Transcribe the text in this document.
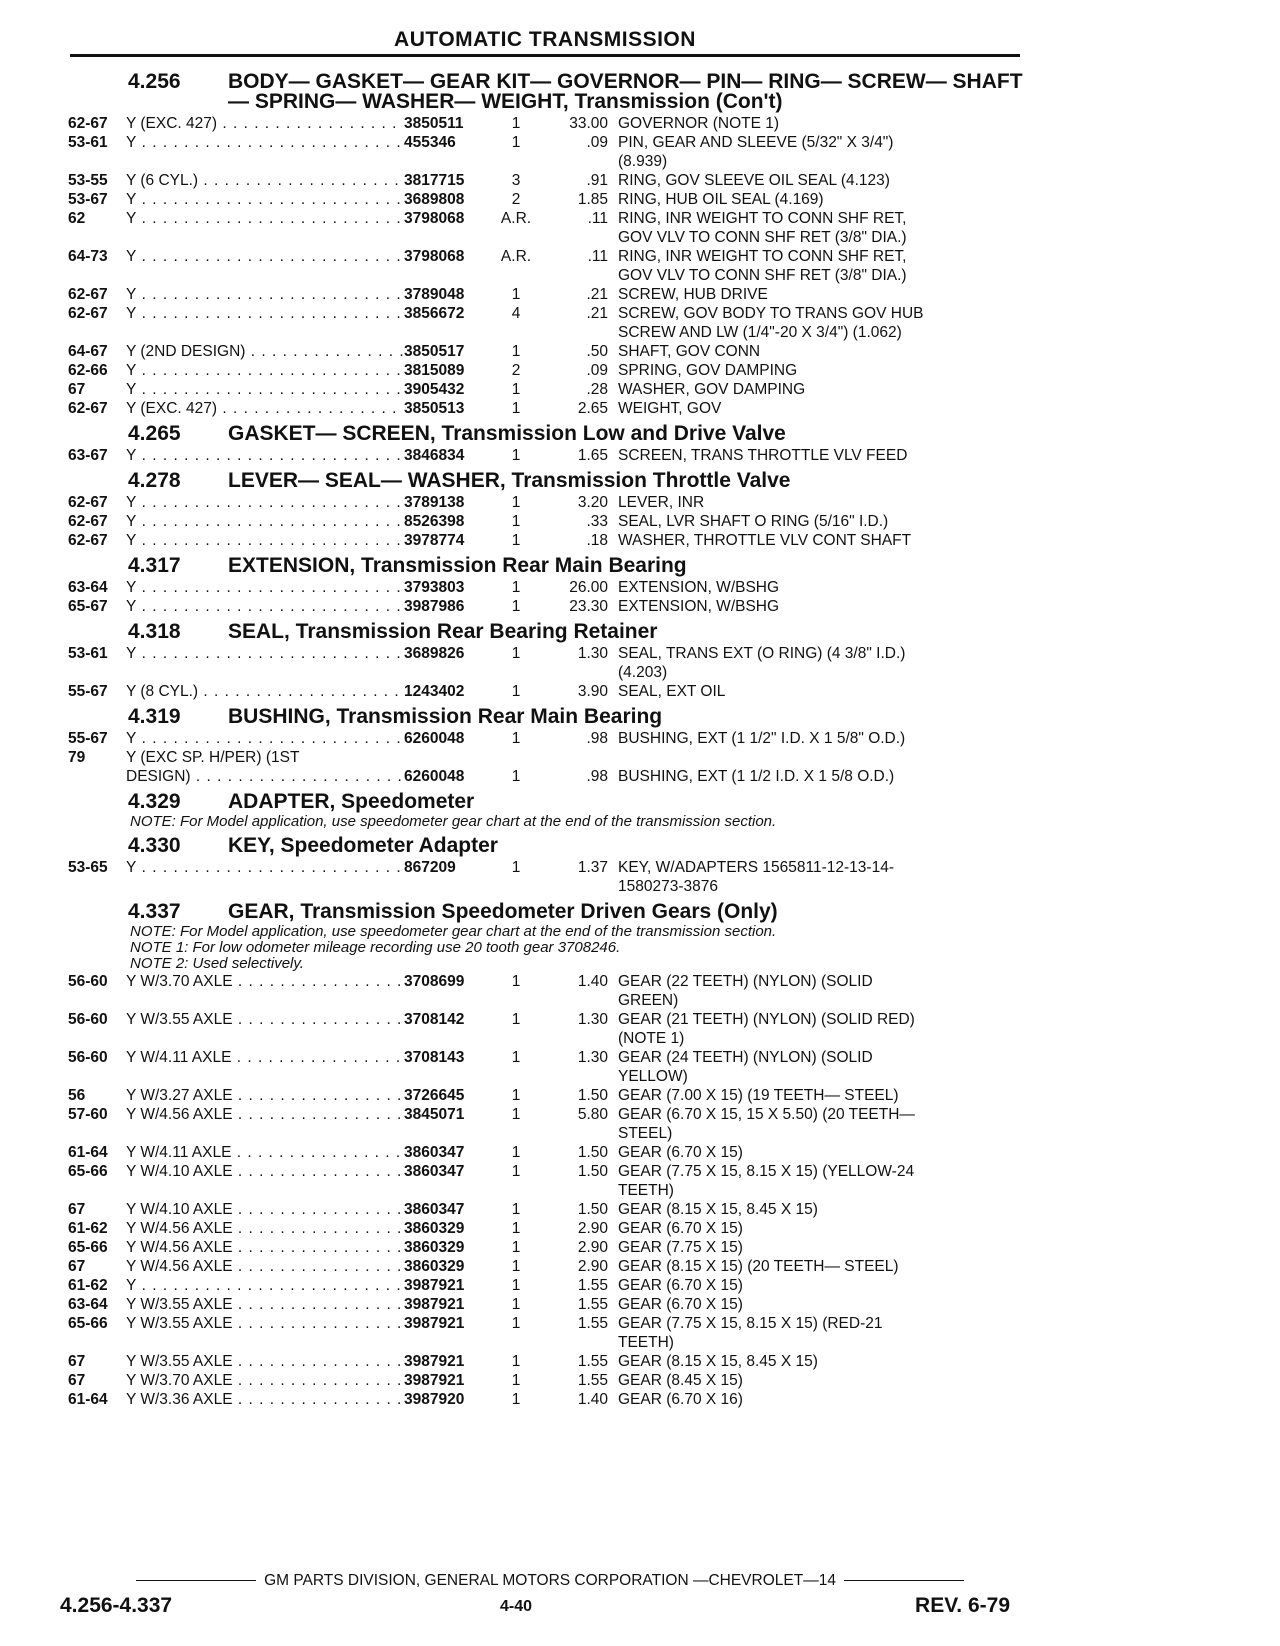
AUTOMATIC TRANSMISSION
4.256	BODY— GASKET— GEAR KIT— GOVERNOR— PIN— RING— SCREW— SHAFT— SPRING— WASHER— WEIGHT, Transmission (Con't)
62-67	Y (EXC. 427) . . .	3850511	1	33.00 GOVERNOR (NOTE 1)
53-61	Y . . .	455346	1	.09 PIN, GEAR AND SLEEVE (5/32" X 3/4")
(8.939)
53-55	Y (6 CYL.) . . .	3817715	3	.91 RING, GOV SLEEVE OIL SEAL (4.123)
53-67	Y . . .	3689808	2	1.85 RING, HUB OIL SEAL (4.169)
62	Y . . .	3798068	A.R.	.11 RING, INR WEIGHT TO CONN SHF RET,
GOV VLV TO CONN SHF RET (3/8" DIA.)
64-73	Y . . .	3798068	A.R.	.11 RING, INR WEIGHT TO CONN SHF RET,
GOV VLV TO CONN SHF RET (3/8" DIA.)
62-67	Y . . .	3789048	1	.21 SCREW, HUB DRIVE
62-67	Y . . .	3856672	4	.21 SCREW, GOV BODY TO TRANS GOV HUB
SCREW AND LW (1/4"-20 X 3/4") (1.062)
64-67	Y (2ND DESIGN) . . .	3850517	1	.50 SHAFT, GOV CONN
62-66	Y . . .	3815089	2	.09 SPRING, GOV DAMPING
67	Y . . .	3905432	1	.28 WASHER, GOV DAMPING
62-67	Y (EXC. 427) . . .	3850513	1	2.65 WEIGHT, GOV
4.265	GASKET— SCREEN, Transmission Low and Drive Valve
63-67	Y . . .	3846834	1	1.65 SCREEN, TRANS THROTTLE VLV FEED
4.278	LEVER— SEAL— WASHER, Transmission Throttle Valve
62-67	Y . . .	3789138	1	3.20 LEVER, INR
62-67	Y . . .	8526398	1	.33 SEAL, LVR SHAFT O RING (5/16" I.D.)
62-67	Y . . .	3978774	1	.18 WASHER, THROTTLE VLV CONT SHAFT
4.317	EXTENSION, Transmission Rear Main Bearing
63-64	Y . . .	3793803	1	26.00 EXTENSION, W/BSHG
65-67	Y . . .	3987986	1	23.30 EXTENSION, W/BSHG
4.318	SEAL, Transmission Rear Bearing Retainer
53-61	Y . . .	3689826	1	1.30 SEAL, TRANS EXT (O RING) (4 3/8" I.D.)
(4.203)
55-67	Y (8 CYL.) . . .	1243402	1	3.90 SEAL, EXT OIL
4.319	BUSHING, Transmission Rear Main Bearing
55-67	Y . . .	6260048	1	.98 BUSHING, EXT (1 1/2" I.D. X 1 5/8" O.D.)
79	Y (EXC SP. H/PER) (1ST
DESIGN) . . .	6260048	1	.98 BUSHING, EXT (1 1/2 I.D. X 1 5/8 O.D.)
4.329	ADAPTER, Speedometer
NOTE: For Model application, use speedometer gear chart at the end of the transmission section.
4.330	KEY, Speedometer Adapter
53-65	Y . . .	867209	1	1.37 KEY, W/ADAPTERS 1565811-12-13-14-
1580273-3876
4.337	GEAR, Transmission Speedometer Driven Gears (Only)
NOTE: For Model application, use speedometer gear chart at the end of the transmission section.
NOTE 1: For low odometer mileage recording use 20 tooth gear 3708246.
NOTE 2: Used selectively.
56-60	Y W/3.70 AXLE . . .	3708699	1	1.40 GEAR (22 TEETH) (NYLON) (SOLID
GREEN)
56-60	Y W/3.55 AXLE . . .	3708142	1	1.30 GEAR (21 TEETH) (NYLON) (SOLID RED)
(NOTE 1)
56-60	Y W/4.11 AXLE . . .	3708143	1	1.30 GEAR (24 TEETH) (NYLON) (SOLID
YELLOW)
56	Y W/3.27 AXLE . . .	3726645	1	1.50 GEAR (7.00 X 15) (19 TEETH— STEEL)
57-60	Y W/4.56 AXLE . . .	3845071	1	5.80 GEAR (6.70 X 15, 15 X 5.50) (20 TEETH—
STEEL)
61-64	Y W/4.11 AXLE . . .	3860347	1	1.50 GEAR (6.70 X 15)
65-66	Y W/4.10 AXLE . . .	3860347	1	1.50 GEAR (7.75 X 15, 8.15 X 15) (YELLOW-24
TEETH)
67	Y W/4.10 AXLE . . .	3860347	1	1.50 GEAR (8.15 X 15, 8.45 X 15)
61-62	Y W/4.56 AXLE . . .	3860329	1	2.90 GEAR (6.70 X 15)
65-66	Y W/4.56 AXLE . . .	3860329	1	2.90 GEAR (7.75 X 15)
67	Y W/4.56 AXLE . . .	3860329	1	2.90 GEAR (8.15 X 15) (20 TEETH— STEEL)
61-62	Y . . .	3987921	1	1.55 GEAR (6.70 X 15)
63-64	Y W/3.55 AXLE . . .	3987921	1	1.55 GEAR (6.70 X 15)
65-66	Y W/3.55 AXLE . . .	3987921	1	1.55 GEAR (7.75 X 15, 8.15 X 15) (RED-21
TEETH)
67	Y W/3.55 AXLE . . .	3987921	1	1.55 GEAR (8.15 X 15, 8.45 X 15)
67	Y W/3.70 AXLE . . .	3987921	1	1.55 GEAR (8.45 X 15)
61-64	Y W/3.36 AXLE . . .	3987920	1	1.40 GEAR (6.70 X 16)
GM PARTS DIVISION, GENERAL MOTORS CORPORATION —CHEVROLET—14
4.256-4.337	4-40	REV. 6-79
